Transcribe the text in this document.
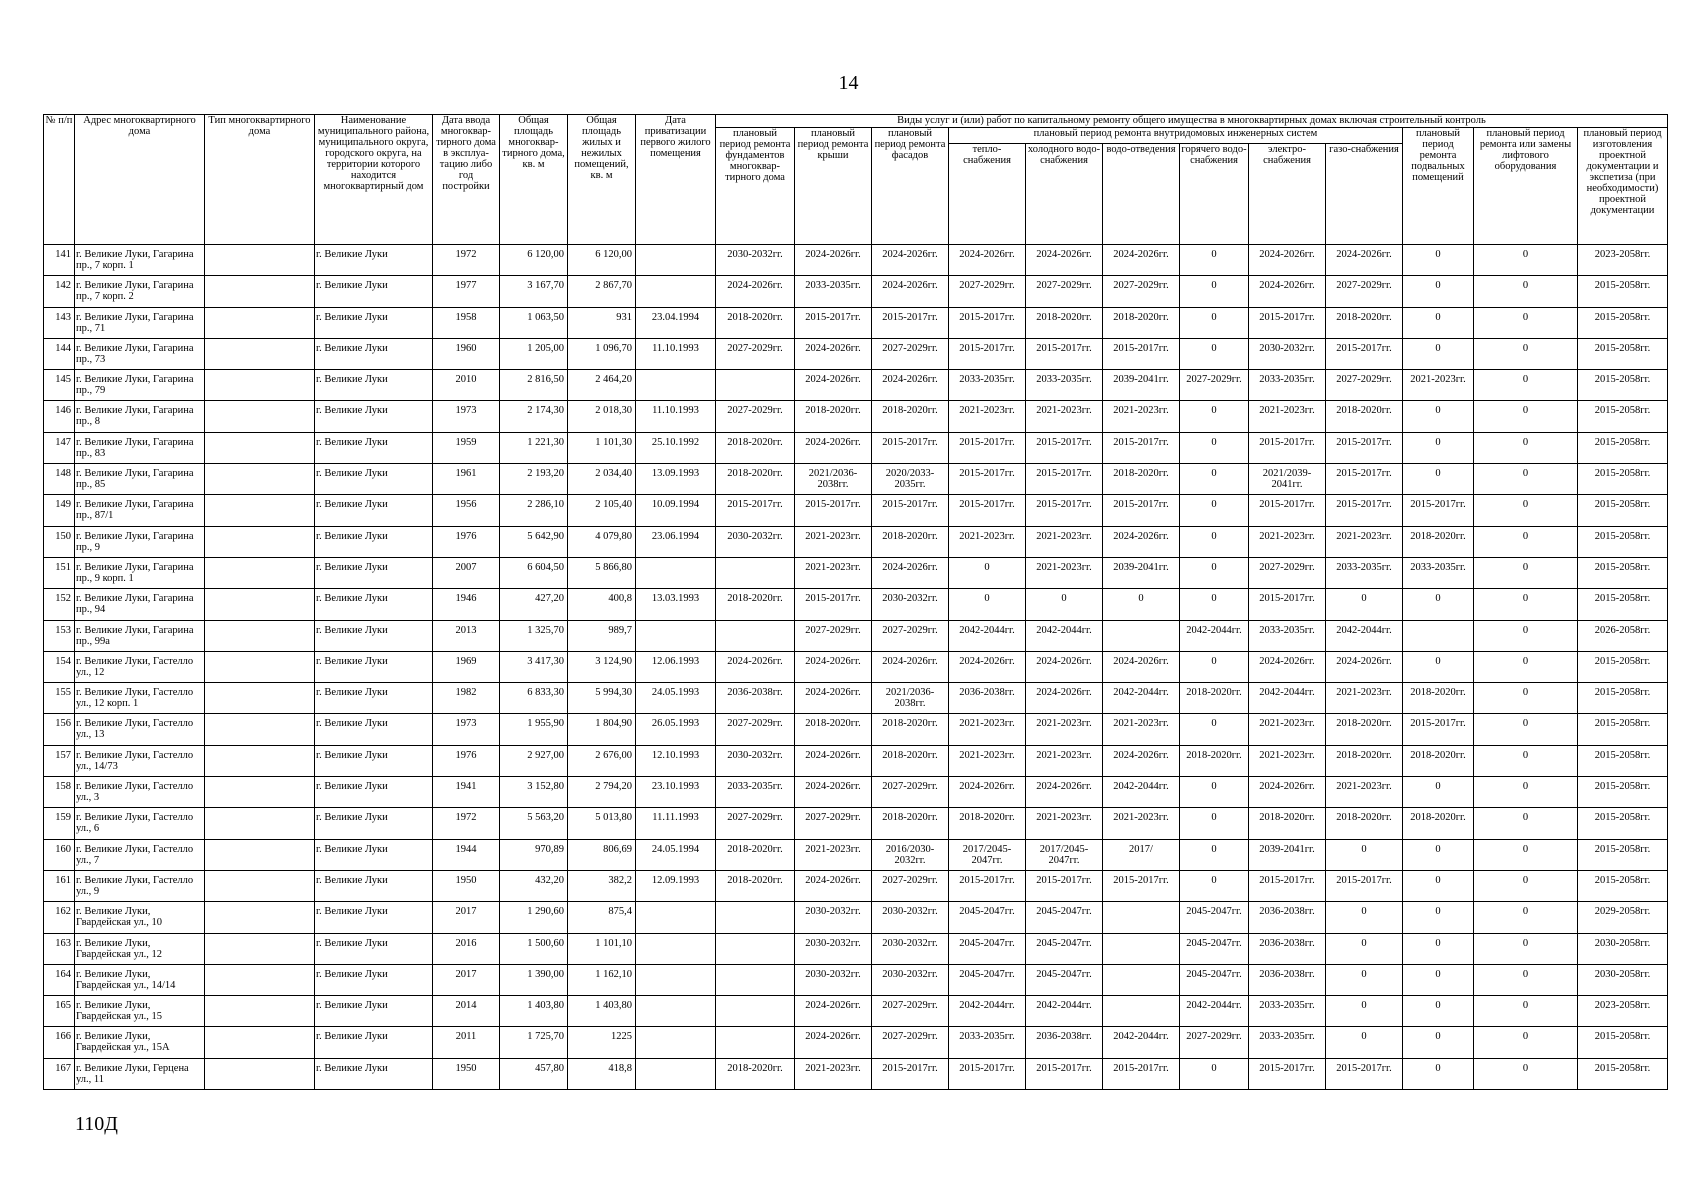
14
№ п/п	Адрес многоквартирного дома	Тип многоквартирного дома	Наименование муниципального района, муниципального округа, городского округа, на территории которого находится многоквартирный дом	Дата ввода многоквар-тирного дома в эксплуа-тацию либо год постройки	Общая площадь многоквар-тирного дома, кв. м	Общая площадь жилых и нежилых помещений, кв. м	Дата приватизации первого жилого помещения	Виды услуг и (или) работ по капитальному ремонту общего имущества в многоквартирных домах включая строительный контроль											
								плановый период ремонта фундаментов многоквар-тирного дома	плановый период ремонта крыши	плановый период ремонта фасадов	плановый период ремонта внутридомовых инженерных систем						плановый период ремонта подвальных помещений	плановый период ремонта или замены лифтового оборудования	плановый период изготовления проектной документации и экспетиза (при необходимости) проектной документации
											тепло-снабжения	холодного водо-снабжения	водо-отведения	горячего водо-снабжения	электро-снабжения	газо-снабжения			
141	г. Великие Луки, Гагарина пр., 7 корп. 1		г. Великие Луки	1972	6 120,00	6 120,00		2030-2032гг.	2024-2026гг.	2024-2026гг.	2024-2026гг.	2024-2026гг.	2024-2026гг.	0	2024-2026гг.	2024-2026гг.	0	0	2023-2058гг.
142	г. Великие Луки, Гагарина пр., 7 корп. 2		г. Великие Луки	1977	3 167,70	2 867,70		2024-2026гг.	2033-2035гг.	2024-2026гг.	2027-2029гг.	2027-2029гг.	2027-2029гг.	0	2024-2026гг.	2027-2029гг.	0	0	2015-2058гг.
143	г. Великие Луки, Гагарина пр., 71		г. Великие Луки	1958	1 063,50	931	23.04.1994	2018-2020гг.	2015-2017гг.	2015-2017гг.	2015-2017гг.	2018-2020гг.	2018-2020гг.	0	2015-2017гг.	2018-2020гг.	0	0	2015-2058гг.
144	г. Великие Луки, Гагарина пр., 73		г. Великие Луки	1960	1 205,00	1 096,70	11.10.1993	2027-2029гг.	2024-2026гг.	2027-2029гг.	2015-2017гг.	2015-2017гг.	2015-2017гг.	0	2030-2032гг.	2015-2017гг.	0	0	2015-2058гг.
145	г. Великие Луки, Гагарина пр., 79		г. Великие Луки	2010	2 816,50	2 464,20			2024-2026гг.	2024-2026гг.	2033-2035гг.	2033-2035гг.	2039-2041гг.	2027-2029гг.	2033-2035гг.	2027-2029гг.	2021-2023гг.	0	2015-2058гг.
146	г. Великие Луки, Гагарина пр., 8		г. Великие Луки	1973	2 174,30	2 018,30	11.10.1993	2027-2029гг.	2018-2020гг.	2018-2020гг.	2021-2023гг.	2021-2023гг.	2021-2023гг.	0	2021-2023гг.	2018-2020гг.	0	0	2015-2058гг.
147	г. Великие Луки, Гагарина пр., 83		г. Великие Луки	1959	1 221,30	1 101,30	25.10.1992	2018-2020гг.	2024-2026гг.	2015-2017гг.	2015-2017гг.	2015-2017гг.	2015-2017гг.	0	2015-2017гг.	2015-2017гг.	0	0	2015-2058гг.
148	г. Великие Луки, Гагарина пр., 85		г. Великие Луки	1961	2 193,20	2 034,40	13.09.1993	2018-2020гг.	2021/2036-2038гг.	2020/2033-2035гг.	2015-2017гг.	2015-2017гг.	2018-2020гг.	0	2021/2039-2041гг.	2015-2017гг.	0	0	2015-2058гг.
149	г. Великие Луки, Гагарина пр., 87/1		г. Великие Луки	1956	2 286,10	2 105,40	10.09.1994	2015-2017гг.	2015-2017гг.	2015-2017гг.	2015-2017гг.	2015-2017гг.	2015-2017гг.	0	2015-2017гг.	2015-2017гг.	2015-2017гг.	0	2015-2058гг.
150	г. Великие Луки, Гагарина пр., 9		г. Великие Луки	1976	5 642,90	4 079,80	23.06.1994	2030-2032гг.	2021-2023гг.	2018-2020гг.	2021-2023гг.	2021-2023гг.	2024-2026гг.	0	2021-2023гг.	2021-2023гг.	2018-2020гг.	0	2015-2058гг.
151	г. Великие Луки, Гагарина пр., 9 корп. 1		г. Великие Луки	2007	6 604,50	5 866,80			2021-2023гг.	2024-2026гг.	0	2021-2023гг.	2039-2041гг.	0	2027-2029гг.	2033-2035гг.	2033-2035гг.	0	2015-2058гг.
152	г. Великие Луки, Гагарина пр., 94		г. Великие Луки	1946	427,20	400,8	13.03.1993	2018-2020гг.	2015-2017гг.	2030-2032гг.	0	0	0	0	2015-2017гг.	0	0	0	2015-2058гг.
153	г. Великие Луки, Гагарина пр., 99а		г. Великие Луки	2013	1 325,70	989,7			2027-2029гг.	2027-2029гг.	2042-2044гг.	2042-2044гг.		2042-2044гг.	2033-2035гг.	2042-2044гг.		0	2026-2058гг.
154	г. Великие Луки, Гастелло ул., 12		г. Великие Луки	1969	3 417,30	3 124,90	12.06.1993	2024-2026гг.	2024-2026гг.	2024-2026гг.	2024-2026гг.	2024-2026гг.	2024-2026гг.	0	2024-2026гг.	2024-2026гг.	0	0	2015-2058гг.
155	г. Великие Луки, Гастелло ул., 12 корп. 1		г. Великие Луки	1982	6 833,30	5 994,30	24.05.1993	2036-2038гг.	2024-2026гг.	2021/2036-2038гг.	2036-2038гг.	2024-2026гг.	2042-2044гг.	2018-2020гг.	2042-2044гг.	2021-2023гг.	2018-2020гг.	0	2015-2058гг.
156	г. Великие Луки, Гастелло ул., 13		г. Великие Луки	1973	1 955,90	1 804,90	26.05.1993	2027-2029гг.	2018-2020гг.	2018-2020гг.	2021-2023гг.	2021-2023гг.	2021-2023гг.	0	2021-2023гг.	2018-2020гг.	2015-2017гг.	0	2015-2058гг.
157	г. Великие Луки, Гастелло ул., 14/73		г. Великие Луки	1976	2 927,00	2 676,00	12.10.1993	2030-2032гг.	2024-2026гг.	2018-2020гг.	2021-2023гг.	2021-2023гг.	2024-2026гг.	2018-2020гг.	2021-2023гг.	2018-2020гг.	2018-2020гг.	0	2015-2058гг.
158	г. Великие Луки, Гастелло ул., 3		г. Великие Луки	1941	3 152,80	2 794,20	23.10.1993	2033-2035гг.	2024-2026гг.	2027-2029гг.	2024-2026гг.	2024-2026гг.	2042-2044гг.	0	2024-2026гг.	2021-2023гг.	0	0	2015-2058гг.
159	г. Великие Луки, Гастелло ул., 6		г. Великие Луки	1972	5 563,20	5 013,80	11.11.1993	2027-2029гг.	2027-2029гг.	2018-2020гг.	2018-2020гг.	2021-2023гг.	2021-2023гг.	0	2018-2020гг.	2018-2020гг.	2018-2020гг.	0	2015-2058гг.
160	г. Великие Луки, Гастелло ул., 7		г. Великие Луки	1944	970,89	806,69	24.05.1994	2018-2020гг.	2021-2023гг.	2016/2030-2032гг.	2017/2045-2047гг.	2017/2045-2047гг.	2017/	0	2039-2041гг.	0	0	0	2015-2058гг.
161	г. Великие Луки, Гастелло ул., 9		г. Великие Луки	1950	432,20	382,2	12.09.1993	2018-2020гг.	2024-2026гг.	2027-2029гг.	2015-2017гг.	2015-2017гг.	2015-2017гг.	0	2015-2017гг.	2015-2017гг.	0	0	2015-2058гг.
162	г. Великие Луки, Гвардейская ул., 10		г. Великие Луки	2017	1 290,60	875,4			2030-2032гг.	2030-2032гг.	2045-2047гг.	2045-2047гг.		2045-2047гг.	2036-2038гг.	0	0	0	2029-2058гг.
163	г. Великие Луки, Гвардейская ул., 12		г. Великие Луки	2016	1 500,60	1 101,10			2030-2032гг.	2030-2032гг.	2045-2047гг.	2045-2047гг.		2045-2047гг.	2036-2038гг.	0	0	0	2030-2058гг.
164	г. Великие Луки, Гвардейская ул., 14/14		г. Великие Луки	2017	1 390,00	1 162,10			2030-2032гг.	2030-2032гг.	2045-2047гг.	2045-2047гг.		2045-2047гг.	2036-2038гг.	0	0	0	2030-2058гг.
165	г. Великие Луки, Гвардейская ул., 15		г. Великие Луки	2014	1 403,80	1 403,80			2024-2026гг.	2027-2029гг.	2042-2044гг.	2042-2044гг.		2042-2044гг.	2033-2035гг.	0	0	0	2023-2058гг.
166	г. Великие Луки, Гвардейская ул., 15А		г. Великие Луки	2011	1 725,70	1225			2024-2026гг.	2027-2029гг.	2033-2035гг.	2036-2038гг.	2042-2044гг.	2027-2029гг.	2033-2035гг.	0	0	0	2015-2058гг.
167	г. Великие Луки, Герцена ул., 11		г. Великие Луки	1950	457,80	418,8		2018-2020гг.	2021-2023гг.	2015-2017гг.	2015-2017гг.	2015-2017гг.	2015-2017гг.	0	2015-2017гг.	2015-2017гг.	0	0	2015-2058гг.
110Д
